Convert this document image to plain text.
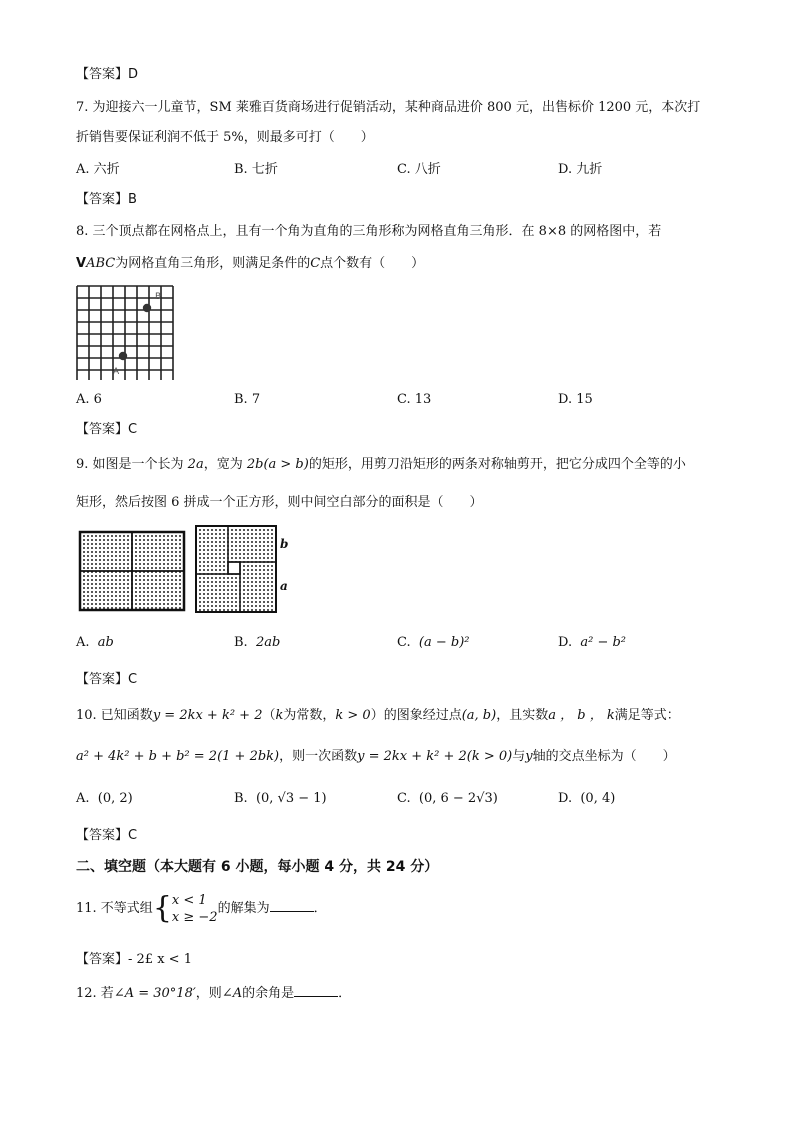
【答案】D
7. 为迎接六一儿童节，SM 莱雅百货商场进行促销活动，某种商品进价 800 元，出售标价 1200 元，本次打
折销售要保证利润不低于 5%，则最多可打（　　）
A. 六折	B. 七折	C. 八折	D. 九折
【答案】B
8. 三个顶点都在网格点上，且有一个角为直角的三角形称为网格直角三角形．在 8×8 的网格图中，若
VABC为网格直角三角形，则满足条件的C点个数有（　　）
B
A
A. 6	B. 7	C. 13	D. 15
【答案】C
9. 如图是一个长为 2a，宽为 2b(a > b)的矩形，用剪刀沿矩形的两条对称轴剪开，把它分成四个全等的小
矩形，然后按图 6 拼成一个正方形，则中间空白部分的面积是（　　）
b
a
A. ab	B. 2ab	C. (a − b)²	D. a² − b²
【答案】C
10. 已知函数y = 2kx + k² + 2（k为常数，k > 0）的图象经过点(a, b)，且实数a ， b ， k满足等式：
a² + 4k² + b + b² = 2(1 + 2bk)，则一次函数y = 2kx + k² + 2(k > 0)与y轴的交点坐标为（　　）
A. (0, 2)	B. (0, √3 − 1)	C. (0, 6 − 2√3)	D. (0, 4)
【答案】C
二、填空题（本大题有 6 小题，每小题 4 分，共 24 分）
11. 不等式组{ x < 1
x ≥ −2
的解集为	．
【答案】- 2£ x < 1
12. 若∠A = 30°18′，则∠A的余角是	．
